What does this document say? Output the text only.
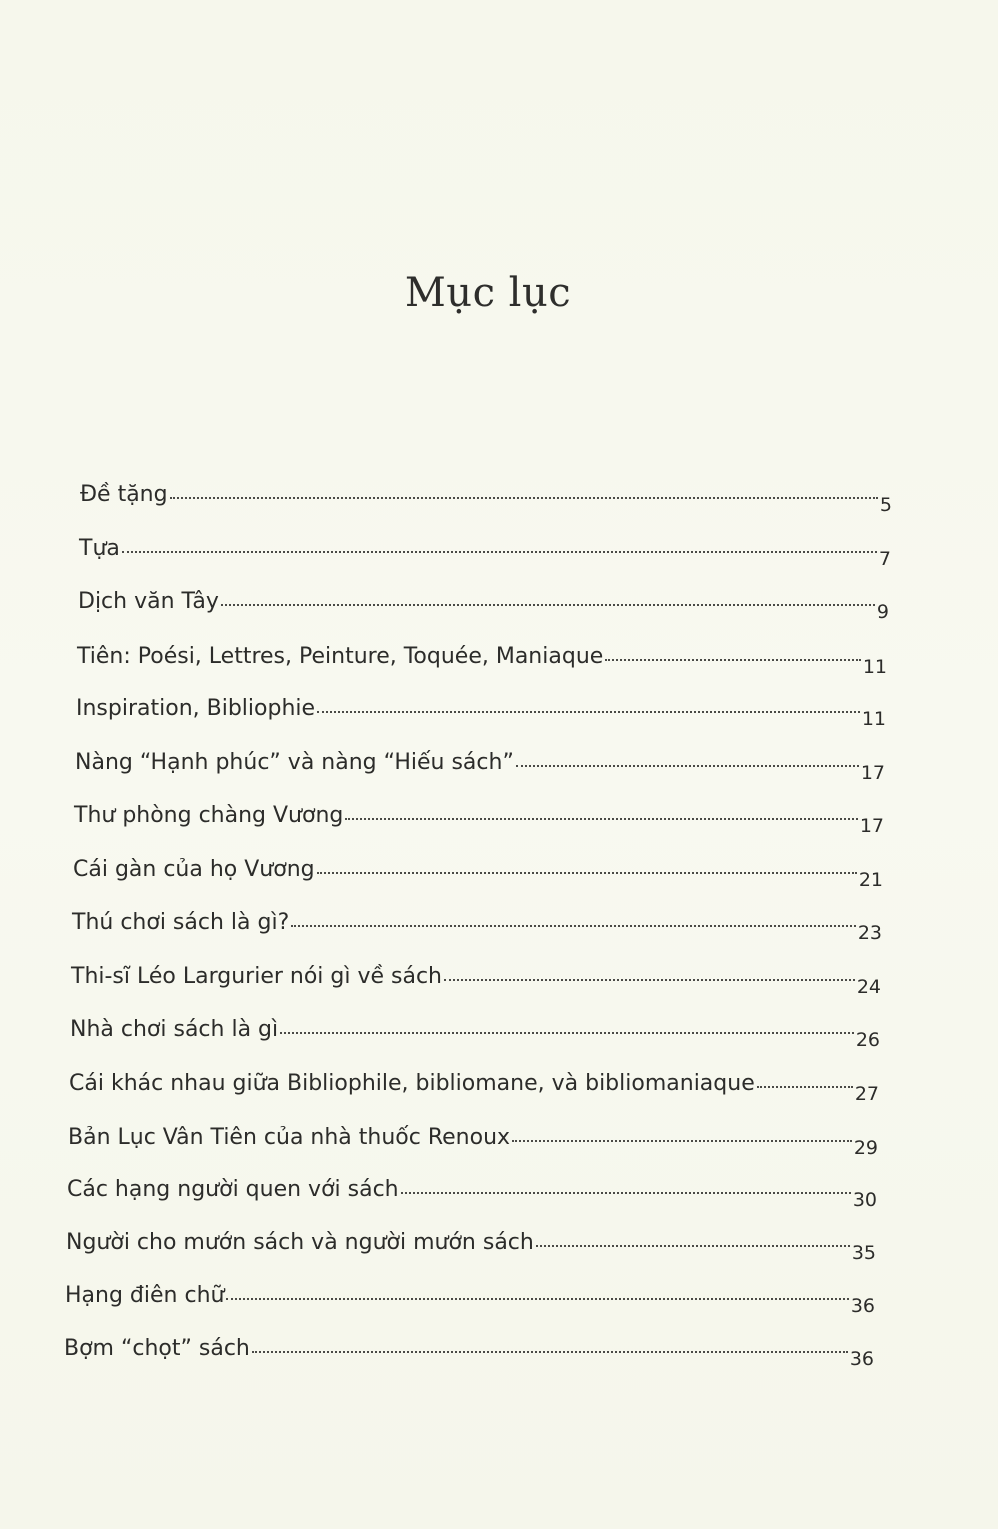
Mục lục
Đề tặng	5
Tựa	7
Dịch văn Tây	9
Tiên: Poési, Lettres, Peinture, Toquée, Maniaque	11
Inspiration, Bibliophie	11
Nàng “Hạnh phúc” và nàng “Hiếu sách”	17
Thư phòng chàng Vương	17
Cái gàn của họ Vương	21
Thú chơi sách là gì?	23
Thi-sĩ Léo Largurier nói gì về sách	24
Nhà chơi sách là gì	26
Cái khác nhau giữa Bibliophile, bibliomane, và bibliomaniaque	27
Bản Lục Vân Tiên của nhà thuốc Renoux	29
Các hạng người quen với sách	30
Người cho mướn sách và người mướn sách	35
Hạng điên chữ	36
Bợm “chọt” sách	36
